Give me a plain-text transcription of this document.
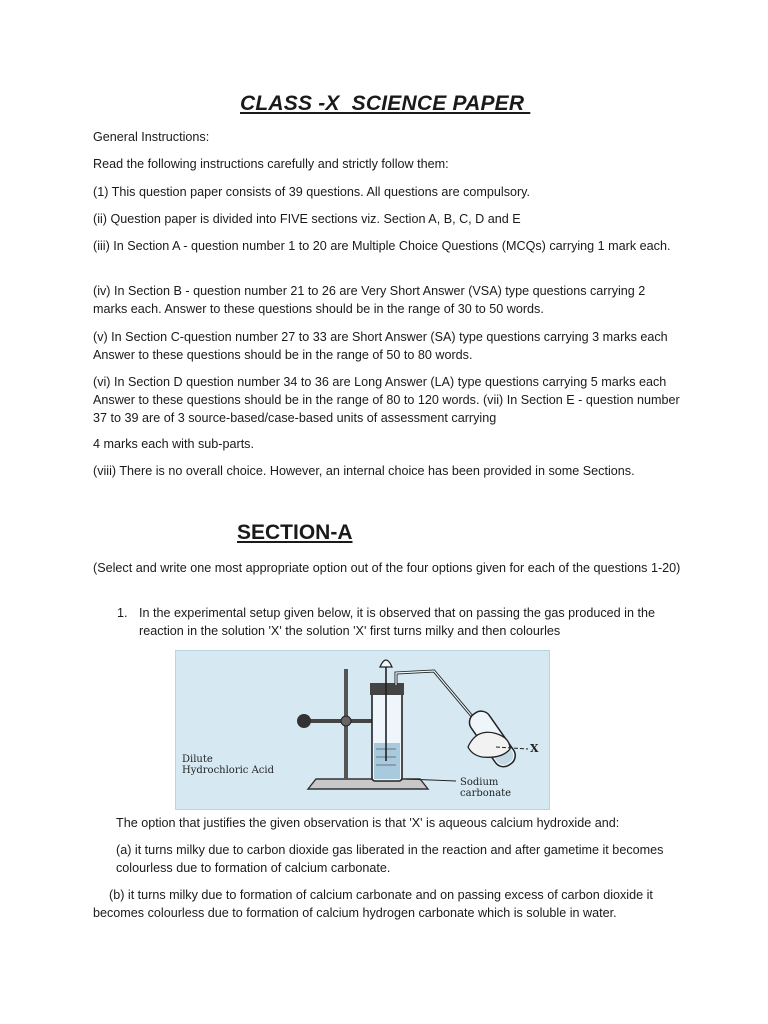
CLASS -X  SCIENCE PAPER

General Instructions:

Read the following instructions carefully and strictly follow them:

(1) This question paper consists of 39 questions. All questions are compulsory.

(ii) Question paper is divided into FIVE sections viz. Section A, B, C, D and E

(iii) In Section A - question number 1 to 20 are Multiple Choice Questions (MCQs) carrying 1 mark each.

(iv) In Section B - question number 21 to 26 are Very Short Answer (VSA) type questions carrying 2 marks each. Answer to these questions should be in the range of 30 to 50 words.

(v) In Section C-question number 27 to 33 are Short Answer (SA) type questions carrying 3 marks each Answer to these questions should be in the range of 50 to 80 words.

(vi) In Section D question number 34 to 36 are Long Answer (LA) type questions carrying 5 marks each Answer to these questions should be in the range of 80 to 120 words. (vii) In Section E - question number 37 to 39 are of 3 source-based/case-based units of assessment carrying

4 marks each with sub-parts.

(viii) There is no overall choice. However, an internal choice has been provided in some Sections.

SECTION-A

(Select and write one most appropriate option out of the four options given for each of the questions 1-20)

1. In the experimental setup given below, it is observed that on passing the gas produced in the reaction in the solution 'X' the solution 'X' first turns milky and then colourles
Dilute
Hydrochloric Acid
Sodium
carbonate
X

The option that justifies the given observation is that 'X' is aqueous calcium hydroxide and:

(a) it turns milky due to carbon dioxide gas liberated in the reaction and after gametime it becomes colourless due to formation of calcium carbonate.

(b) it turns milky due to formation of calcium carbonate and on passing excess of carbon dioxide it becomes colourless due to formation of calcium hydrogen carbonate which is soluble in water.
